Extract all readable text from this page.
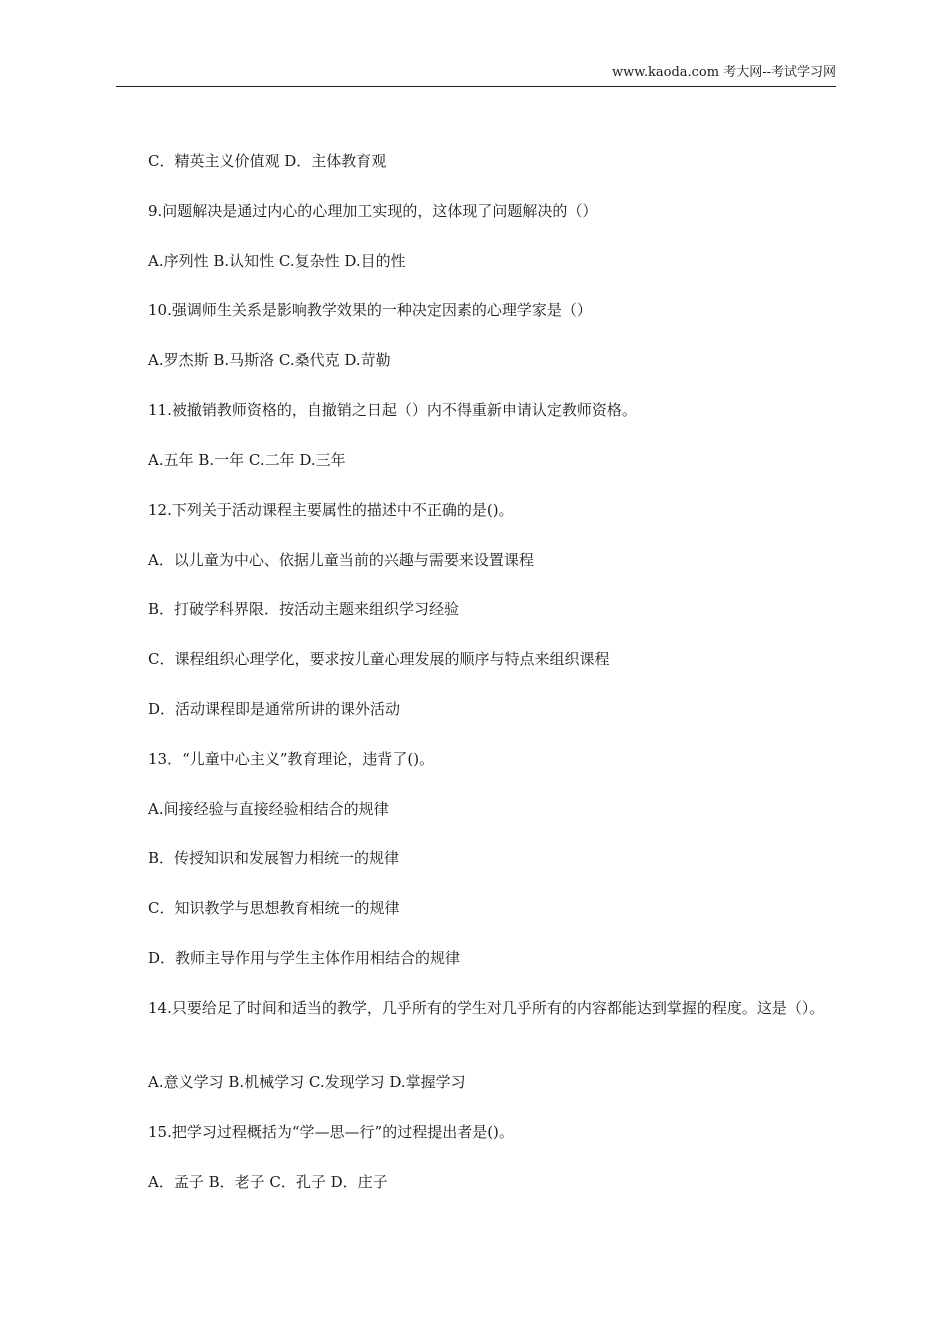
www.kaoda.com 考大网--考试学习网
C．精英主义价值观 D．主体教育观
9.问题解决是通过内心的心理加工实现的，这体现了问题解决的（）
A.序列性 B.认知性 C.复杂性 D.目的性
10.强调师生关系是影响教学效果的一种决定因素的心理学家是（）
A.罗杰斯 B.马斯洛 C.桑代克 D.苛勒
11.被撤销教师资格的，自撤销之日起（）内不得重新申请认定教师资格。
A.五年 B.一年 C.二年 D.三年
12.下列关于活动课程主要属性的描述中不正确的是()。
A．以儿童为中心、依据儿童当前的兴趣与需要来设置课程
B．打破学科界限．按活动主题来组织学习经验
C．课程组织心理学化，要求按儿童心理发展的顺序与特点来组织课程
D．活动课程即是通常所讲的课外活动
13．“儿童中心主义”教育理论，违背了()。
A.间接经验与直接经验相结合的规律
B．传授知识和发展智力相统一的规律
C．知识教学与思想教育相统一的规律
D．教师主导作用与学生主体作用相结合的规律
14.只要给足了时间和适当的教学，几乎所有的学生对几乎所有的内容都能达到掌握的程度。这是（）。
A.意义学习 B.机械学习 C.发现学习 D.掌握学习
15.把学习过程概括为“学—思—行”的过程提出者是()。
A．孟子 B．老子 C．孔子 D．庄子
